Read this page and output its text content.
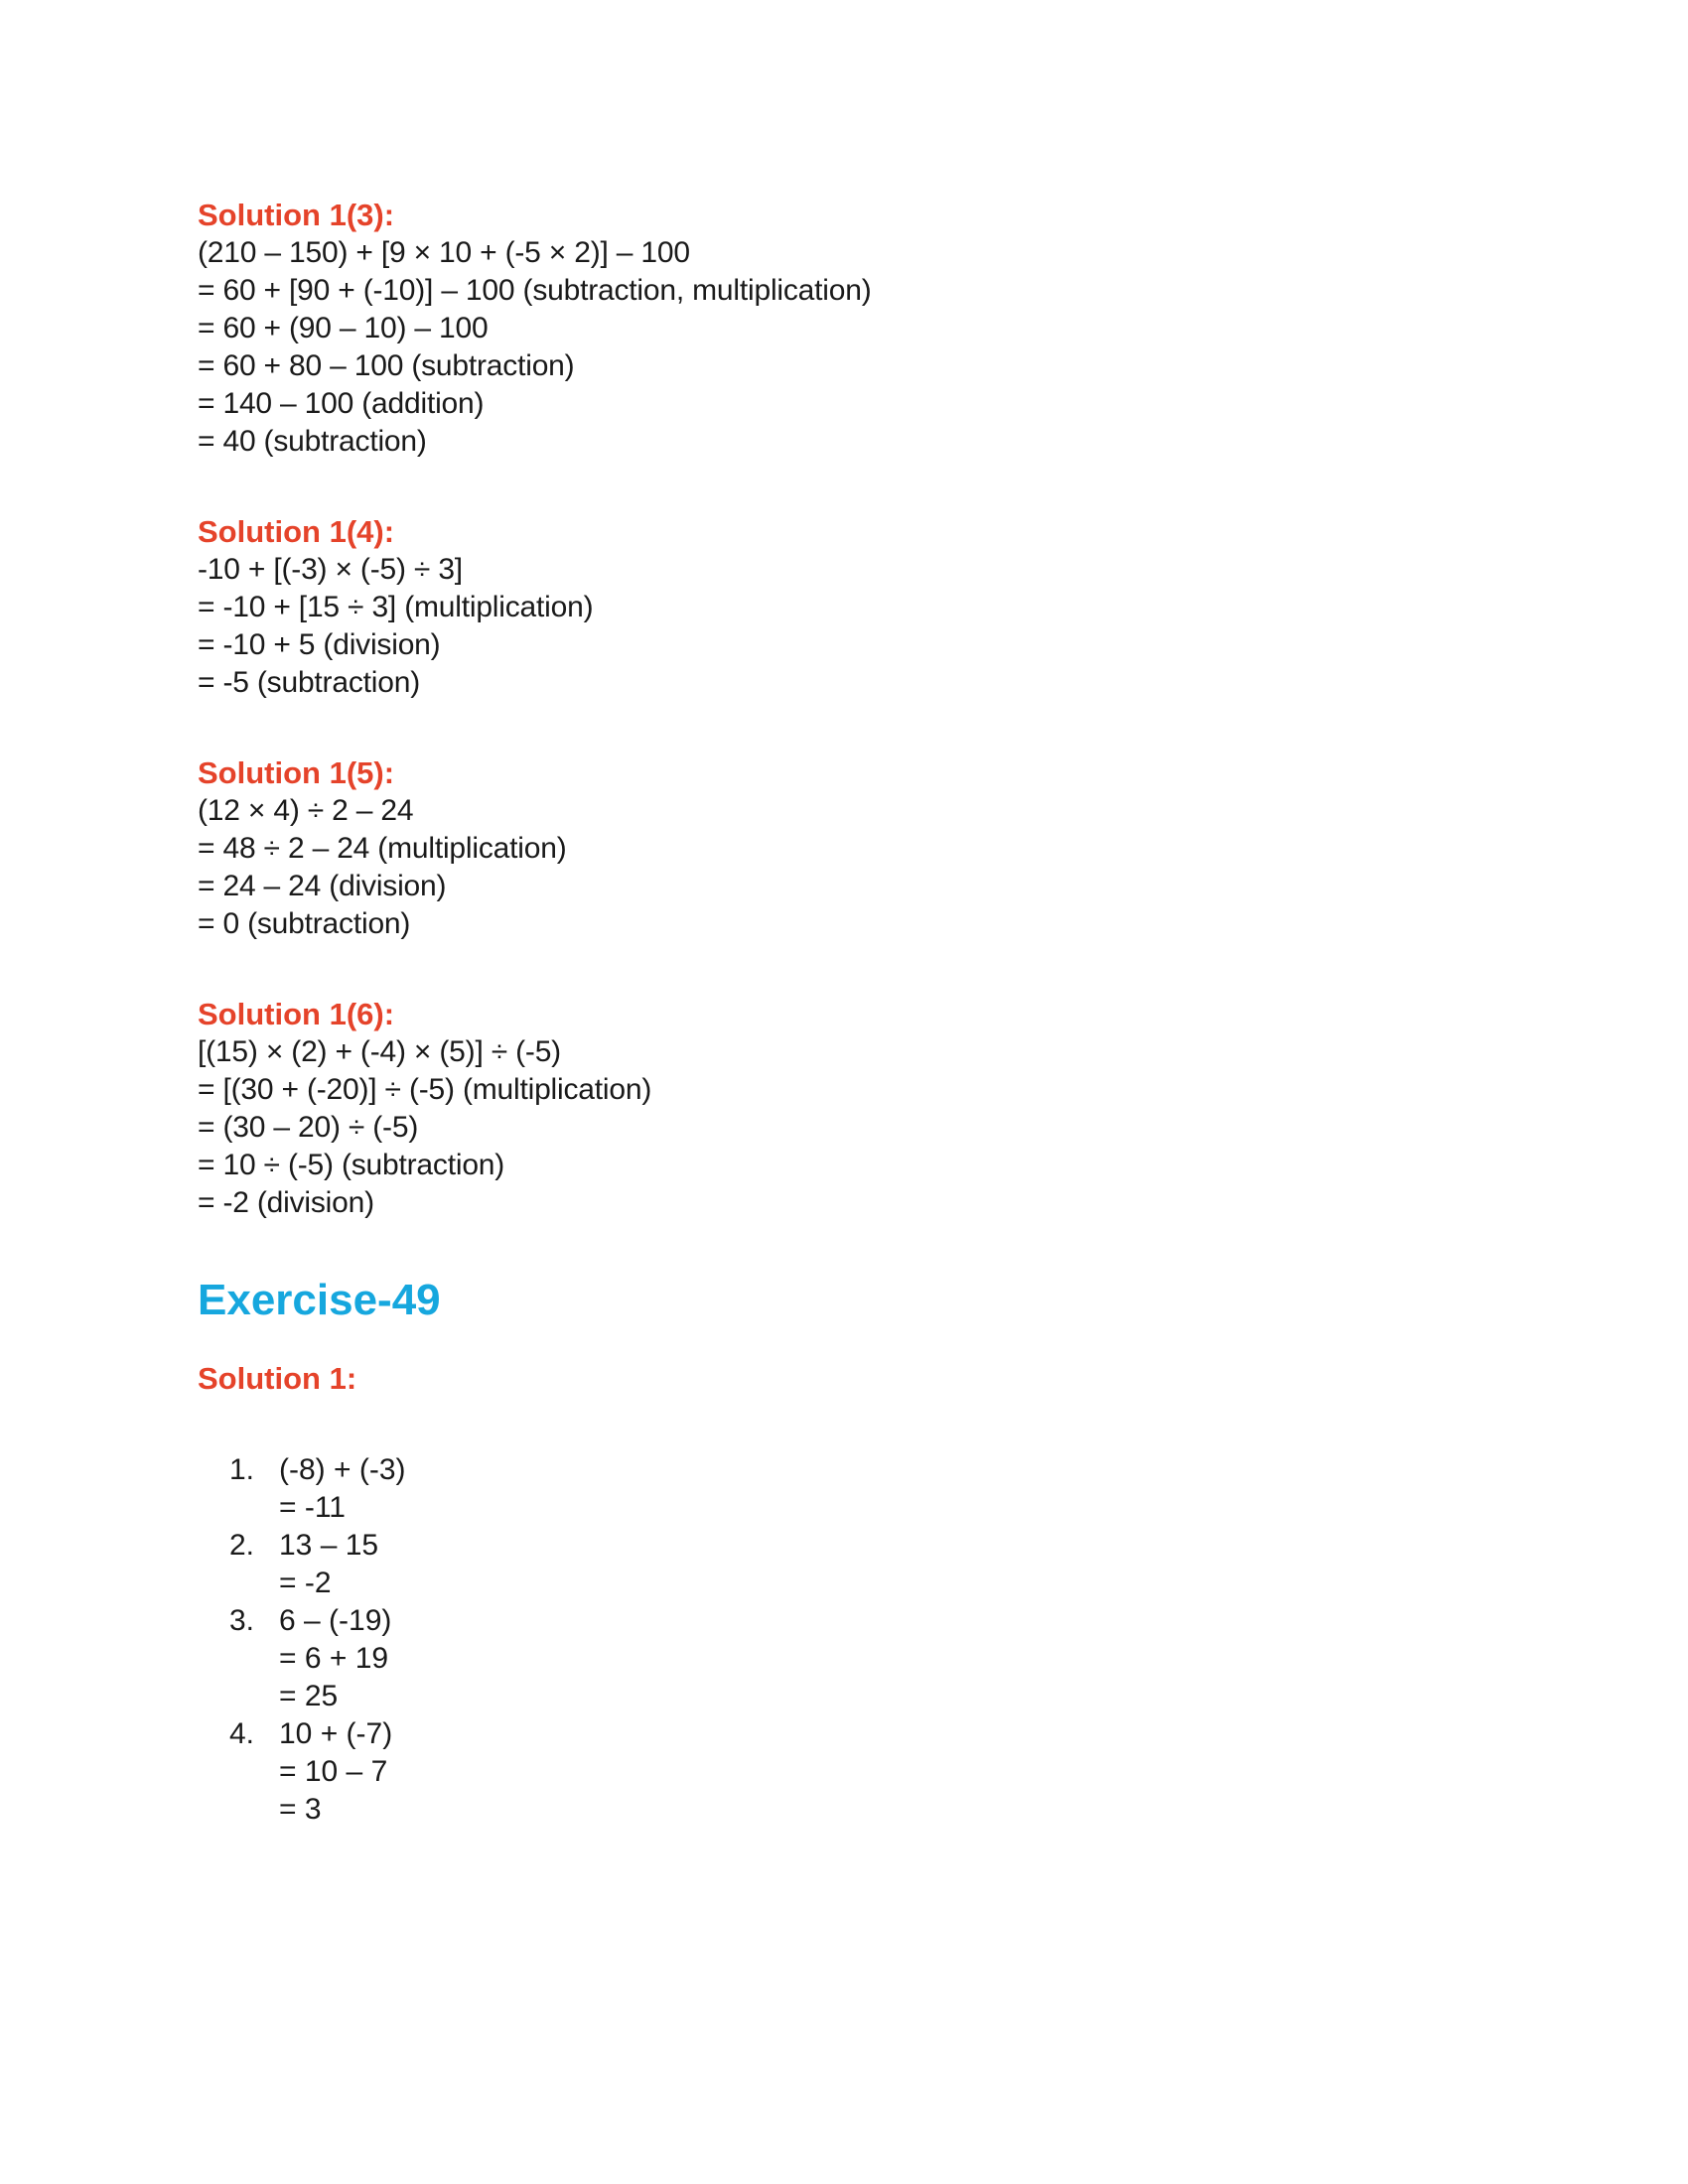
Solution 1(3):
(210 – 150) + [9 × 10 + (-5 × 2)] – 100
= 60 + [90 + (-10)] – 100 (subtraction, multiplication)
= 60 + (90 – 10) – 100
= 60 + 80 – 100 (subtraction)
= 140 – 100 (addition)
= 40 (subtraction)
Solution 1(4):
-10 + [(-3) × (-5) ÷ 3]
= -10 + [15 ÷ 3] (multiplication)
= -10 + 5 (division)
= -5 (subtraction)
Solution 1(5):
(12 × 4) ÷ 2 – 24
= 48 ÷ 2 – 24 (multiplication)
= 24 – 24 (division)
= 0 (subtraction)
Solution 1(6):
[(15) × (2) + (-4) × (5)] ÷ (-5)
= [(30 + (-20)] ÷ (-5) (multiplication)
= (30 – 20) ÷ (-5)
= 10 ÷ (-5) (subtraction)
= -2 (division)
Exercise-49
Solution 1:
1. (-8) + (-3)
= -11
2. 13 – 15
= -2
3. 6 – (-19)
= 6 + 19
= 25
4. 10 + (-7)
= 10 – 7
= 3
